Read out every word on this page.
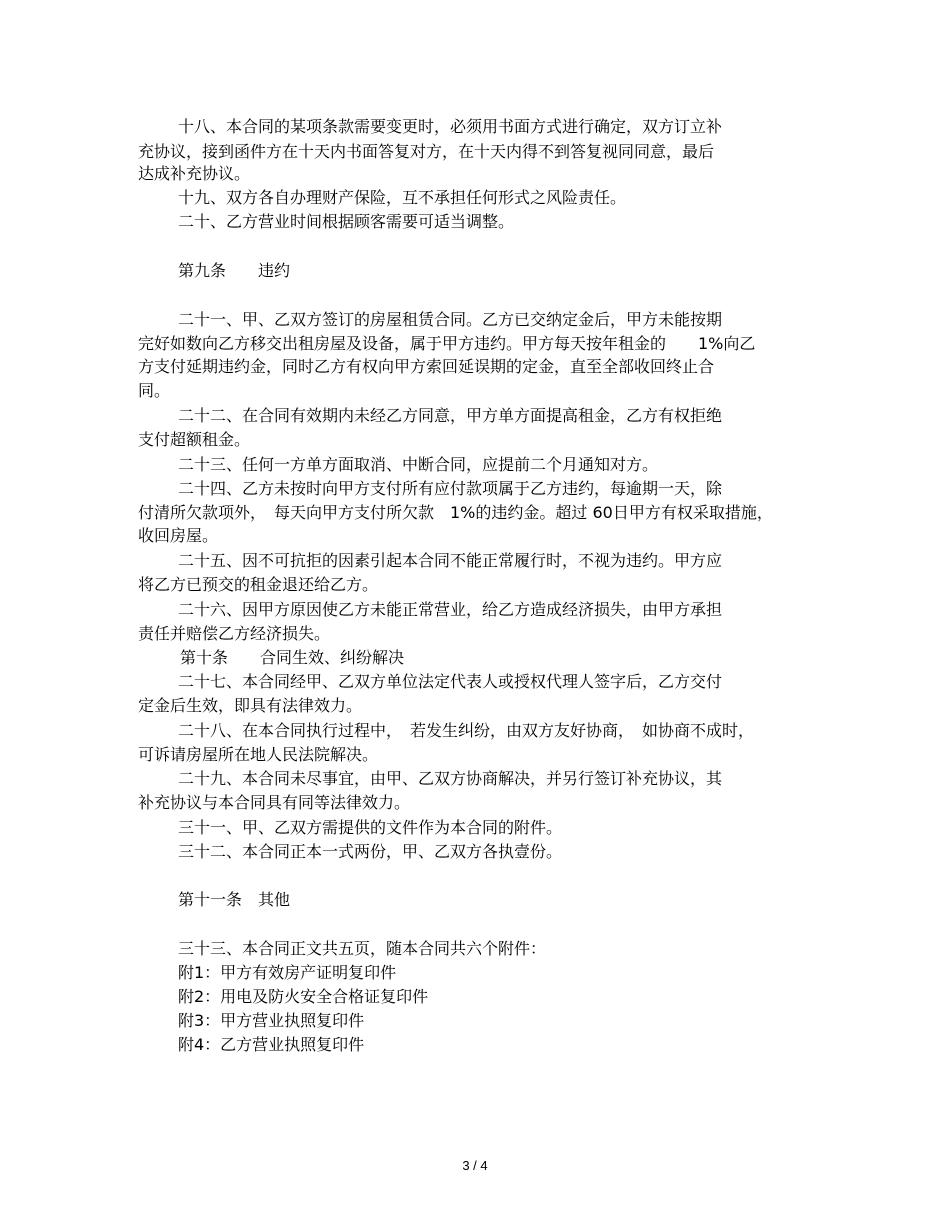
十八、本合同的某项条款需要变更时，必须用书面方式进行确定，双方订立补
充协议，接到函件方在十天内书面答复对方，在十天内得不到答复视同同意，最后
达成补充协议。
十九、双方各自办理财产保险，互不承担任何形式之风险责任。
二十、乙方营业时间根据顾客需要可适当调整。
第九条　　违约
二十一、甲、乙双方签订的房屋租赁合同。乙方已交纳定金后，甲方未能按期
完好如数向乙方移交出租房屋及设备，属于甲方违约。甲方每天按年租金的　　1%向乙
方支付延期违约金，同时乙方有权向甲方索回延误期的定金，直至全部收回终止合
同。
二十二、在合同有效期内未经乙方同意，甲方单方面提高租金，乙方有权拒绝
支付超额租金。
二十三、任何一方单方面取消、中断合同，应提前二个月通知对方。
二十四、乙方未按时向甲方支付所有应付款项属于乙方违约，每逾期一天，除
付清所欠款项外，　每天向甲方支付所欠款　1%的违约金。超过 60日甲方有权采取措施，
收回房屋。
二十五、因不可抗拒的因素引起本合同不能正常履行时，不视为违约。甲方应
将乙方已预交的租金退还给乙方。
二十六、因甲方原因使乙方未能正常营业，给乙方造成经济损失，由甲方承担
责任并赔偿乙方经济损失。
第十条　　合同生效、纠纷解决
二十七、本合同经甲、乙双方单位法定代表人或授权代理人签字后，乙方交付
定金后生效，即具有法律效力。
二十八、在本合同执行过程中，　若发生纠纷，由双方友好协商，　如协商不成时，
可诉请房屋所在地人民法院解决。
二十九、本合同未尽事宜，由甲、乙双方协商解决，并另行签订补充协议，其
补充协议与本合同具有同等法律效力。
三十一、甲、乙双方需提供的文件作为本合同的附件。
三十二、本合同正本一式两份，甲、乙双方各执壹份。
第十一条　其他
三十三、本合同正文共五页，随本合同共六个附件：
附1：甲方有效房产证明复印件
附2：用电及防火安全合格证复印件
附3：甲方营业执照复印件
附4：乙方营业执照复印件
3 / 4
